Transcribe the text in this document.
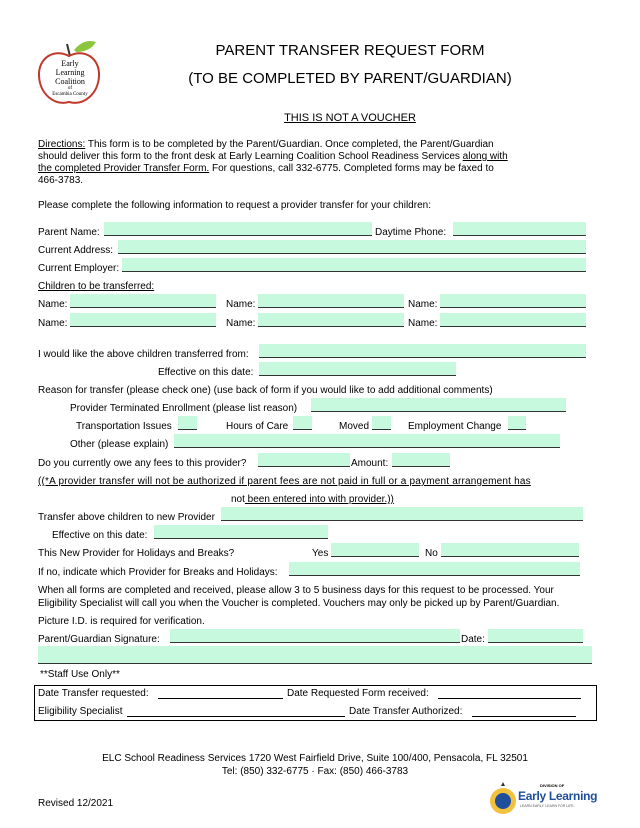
Early
Learning
Coalition
of
Escambia County
PARENT TRANSFER REQUEST FORM
(TO BE COMPLETED BY PARENT/GUARDIAN)
THIS IS NOT A VOUCHER
Directions: This form is to be completed by the Parent/Guardian. Once completed, the Parent/Guardian
should deliver this form to the front desk at Early Learning Coalition School Readiness Services along with
the completed Provider Transfer Form. For questions, call 332-6775. Completed forms may be faxed to
466-3783.
Please complete the following information to request a provider transfer for your children:
Parent Name:	Daytime Phone:
Current Address:
Current Employer:
Children to be transferred:
Name:	Name:	Name:
Name:	Name:	Name:
I would like the above children transferred from:
Effective on this date:
Reason for transfer (please check one) (use back of form if you would like to add additional comments)
Provider Terminated Enrollment (please list reason)
Transportation Issues	Hours of Care	Moved	Employment Change
Other (please explain)
Do you currently owe any fees to this provider?	Amount:
((*A provider transfer will not be authorized if parent fees are not paid in full or a payment arrangement has
not been entered into with provider.))
Transfer above children to new Provider
Effective on this date:
This New Provider for Holidays and Breaks?	Yes	No
If no, indicate which Provider for Breaks and Holidays:
When all forms are completed and received, please allow 3 to 5 business days for this request to be processed. Your
Eligibility Specialist will call you when the Voucher is completed. Vouchers may only be picked up by Parent/Guardian.
Picture I.D. is required for verification.
Parent/Guardian Signature:	Date:
**Staff Use Only**
Date Transfer requested:	Date Requested Form received:
Eligibility Specialist	Date Transfer Authorized:
ELC School Readiness Services 1720 West Fairfield Drive, Suite 100/400, Pensacola, FL 32501
Tel: (850) 332-6775 · Fax: (850) 466-3783
Revised 12/2021
DIVISION OF
Early Learning
LEARN EARLY. LEARN FOR LIFE.
